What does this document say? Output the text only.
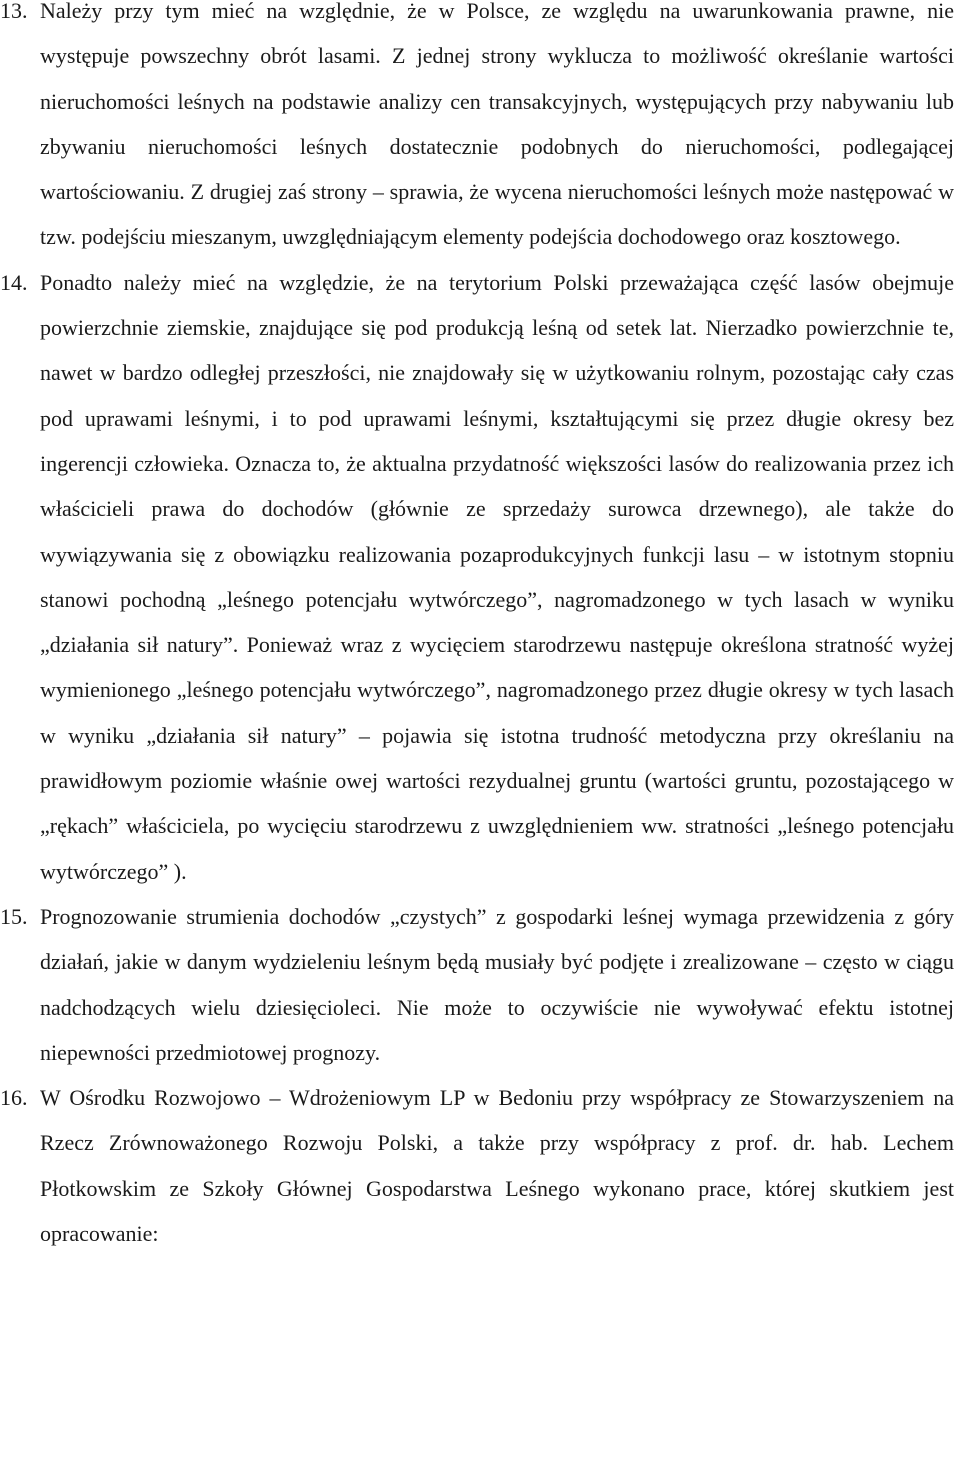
13. Należy przy tym mieć na względnie, że w Polsce, ze względu na uwarunkowania prawne, nie występuje powszechny obrót lasami. Z jednej strony wyklucza to możliwość określanie wartości nieruchomości leśnych na podstawie analizy cen transakcyjnych, występujących przy nabywaniu lub zbywaniu nieruchomości leśnych dostatecznie podobnych do nieruchomości, podlegającej wartościowaniu. Z drugiej zaś strony – sprawia, że wycena nieruchomości leśnych może następować w tzw. podejściu mieszanym, uwzględniającym elementy podejścia dochodowego oraz kosztowego.

14. Ponadto należy mieć na względzie, że na terytorium Polski przeważająca część lasów obejmuje powierzchnie ziemskie, znajdujące się pod produkcją leśną od setek lat. Nierzadko powierzchnie te, nawet w bardzo odległej przeszłości, nie znajdowały się w użytkowaniu rolnym, pozostając cały czas pod uprawami leśnymi, i to pod uprawami leśnymi, kształtującymi się przez długie okresy bez ingerencji człowieka. Oznacza to, że aktualna przydatność większości lasów do realizowania przez ich właścicieli prawa do dochodów (głównie ze sprzedaży surowca drzewnego), ale także do wywiązywania się z obowiązku realizowania pozaprodukcyjnych funkcji lasu – w istotnym stopniu stanowi pochodną „leśnego potencjału wytwórczego”, nagromadzonego w tych lasach w wyniku „działania sił natury”. Ponieważ wraz z wycięciem starodrzewu następuje określona stratność wyżej wymienionego „leśnego potencjału wytwórczego”, nagromadzonego przez długie okresy w tych lasach w wyniku „działania sił natury” – pojawia się istotna trudność metodyczna przy określaniu na prawidłowym poziomie właśnie owej wartości rezydualnej gruntu (wartości gruntu, pozostającego w „rękach” właściciela, po wycięciu starodrzewu z uwzględnieniem ww. stratności „leśnego potencjału wytwórczego” ).

15. Prognozowanie strumienia dochodów „czystych” z gospodarki leśnej wymaga przewidzenia z góry działań, jakie w danym wydzieleniu leśnym będą musiały być podjęte i zrealizowane – często w ciągu nadchodzących wielu dziesięciolecі. Nie może to oczywiście nie wywoływać efektu istotnej niepewności przedmiotowej prognozy.

16. W Ośrodku Rozwojowo – Wdrożeniowym LP w Bedoniu przy współpracy ze Stowarzyszeniem na Rzecz Zrównoważonego Rozwoju Polski, a także przy współpracy z prof. dr. hab. Lechem Płotkowskim ze Szkoły Głównej Gospodarstwa Leśnego wykonano prace, której skutkiem jest opracowanie:
